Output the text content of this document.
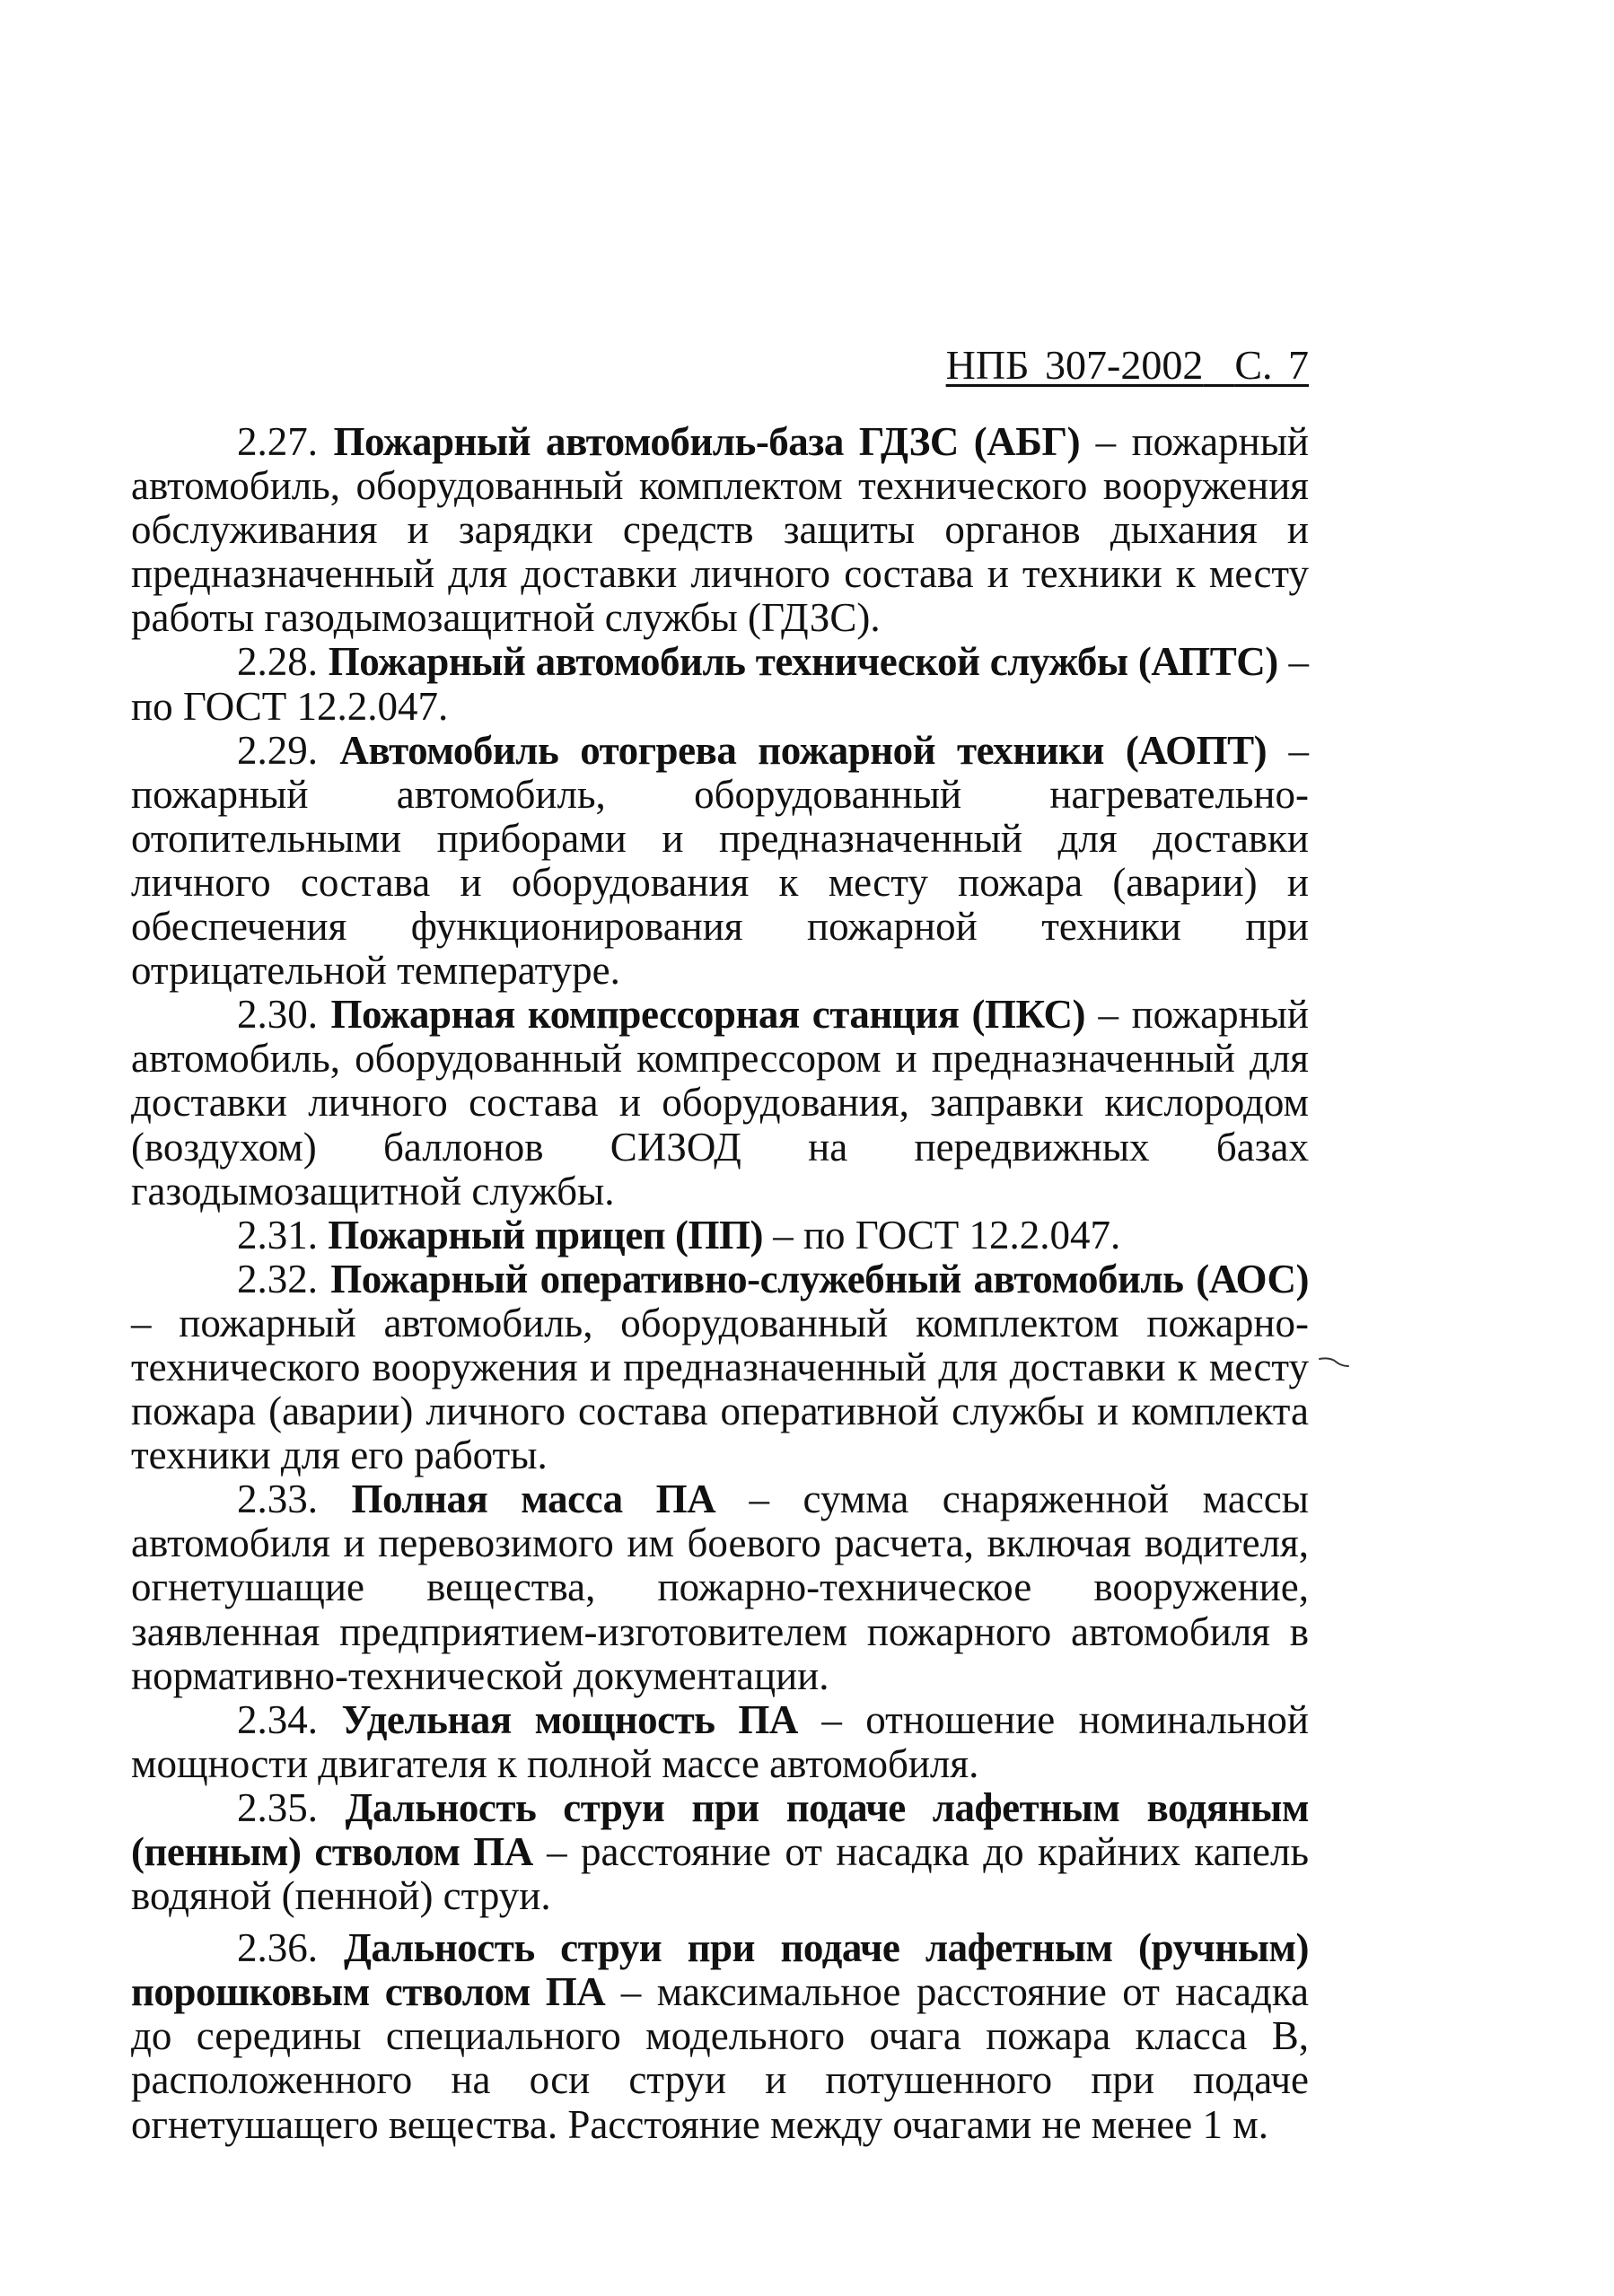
НПБ 307-2002 С. 7

2.27. Пожарный автомобиль-база ГДЗС (АБГ) – пожарный автомобиль, оборудованный комплектом технического вооружения обслуживания и зарядки средств защиты органов дыхания и предназначенный для доставки личного состава и техники к месту работы газодымозащитной службы (ГДЗС).

2.28. Пожарный автомобиль технической службы (АПТС) – по ГОСТ 12.2.047.

2.29. Автомобиль отогрева пожарной техники (АОПТ) – пожарный автомобиль, оборудованный нагревательно-отопительными приборами и предназначенный для доставки личного состава и оборудования к месту пожара (аварии) и обеспечения функционирования пожарной техники при отрицательной температуре.

2.30. Пожарная компрессорная станция (ПКС) – пожарный автомобиль, оборудованный компрессором и предназначенный для доставки личного состава и оборудования, заправки кислородом (воздухом) баллонов СИЗОД на передвижных базах газодымозащитной службы.

2.31. Пожарный прицеп (ПП) – по ГОСТ 12.2.047.

2.32. Пожарный оперативно-служебный автомобиль (АОС) – пожарный автомобиль, оборудованный комплектом пожарно-технического вооружения и предназначенный для доставки к месту пожара (аварии) личного состава оперативной службы и комплекта техники для его работы.

2.33. Полная масса ПА – сумма снаряженной массы автомобиля и перевозимого им боевого расчета, включая водителя, огнетушащие вещества, пожарно-техническое вооружение, заявленная предприятием-изготовителем пожарного автомобиля в нормативно-технической документации.

2.34. Удельная мощность ПА – отношение номинальной мощности двигателя к полной массе автомобиля.

2.35. Дальность струи при подаче лафетным водяным (пенным) стволом ПА – расстояние от насадка до крайних капель водяной (пенной) струи.

2.36. Дальность струи при подаче лафетным (ручным) порошковым стволом ПА – максимальное расстояние от насадка до середины специального модельного очага пожара класса В, расположенного на оси струи и потушенного при подаче огнетушащего вещества. Расстояние между очагами не менее 1 м.
